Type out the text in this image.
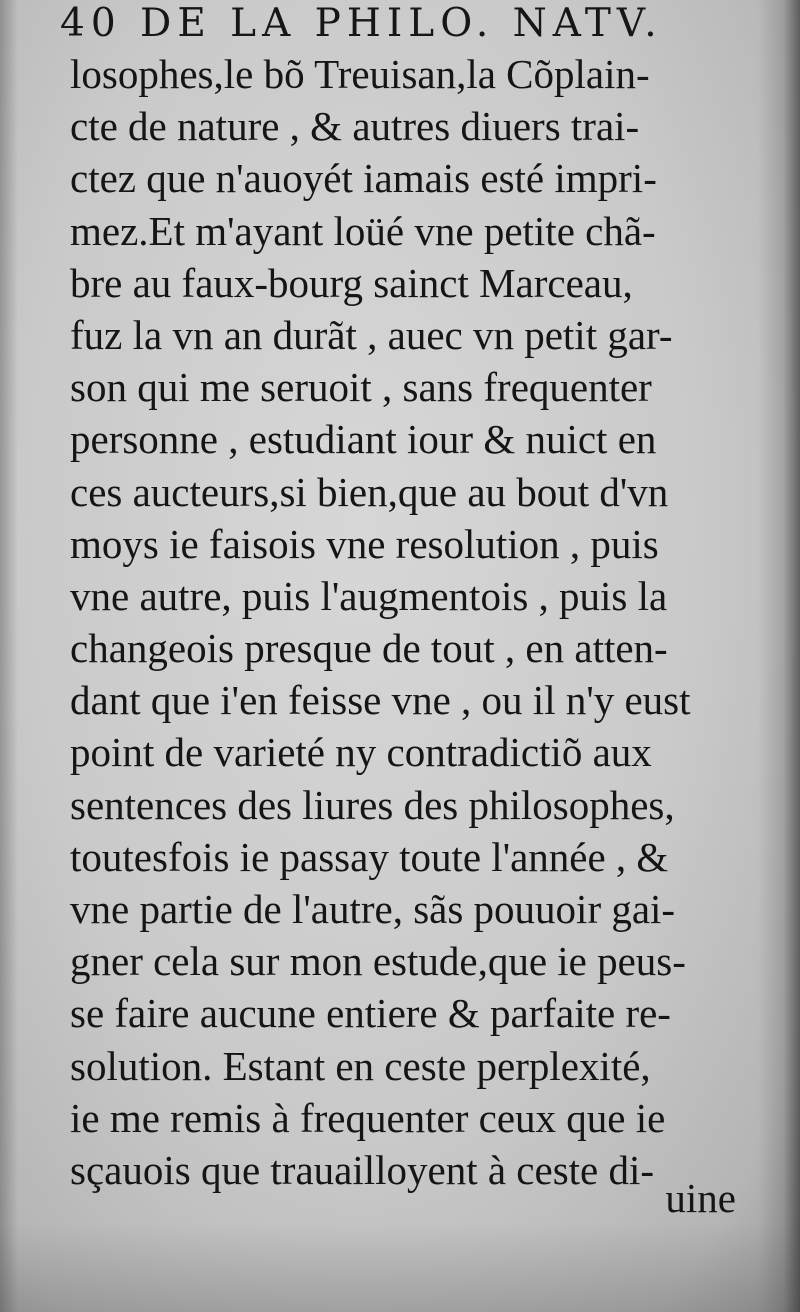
40 DE LA PHILO. NATV.
losophes,le bõ Treuisan,la Cõplain-
cte de nature , & autres diuers trai-
ctez que n'auoyét iamais esté impri-
mez.Et m'ayant loüé vne petite chã-
bre au faux-bourg sainct Marceau,
fuz la vn an durãt , auec vn petit gar-
son qui me seruoit , sans frequenter
personne , estudiant iour & nuict en
ces aucteurs,si bien,que au bout d'vn
moys ie faisois vne resolution , puis
vne autre, puis l'augmentois , puis la
changeois presque de tout , en atten-
dant que i'en feisse vne , ou il n'y eust
point de varieté ny contradictiõ aux
sentences des liures des philosophes,
toutesfois ie passay toute l'année , &
vne partie de l'autre, sãs pouuoir gai-
gner cela sur mon estude,que ie peus-
se faire aucune entiere & parfaite re-
solution. Estant en ceste perplexité,
ie me remis à frequenter ceux que ie
sçauois que trauailloyent à ceste di-
uine
